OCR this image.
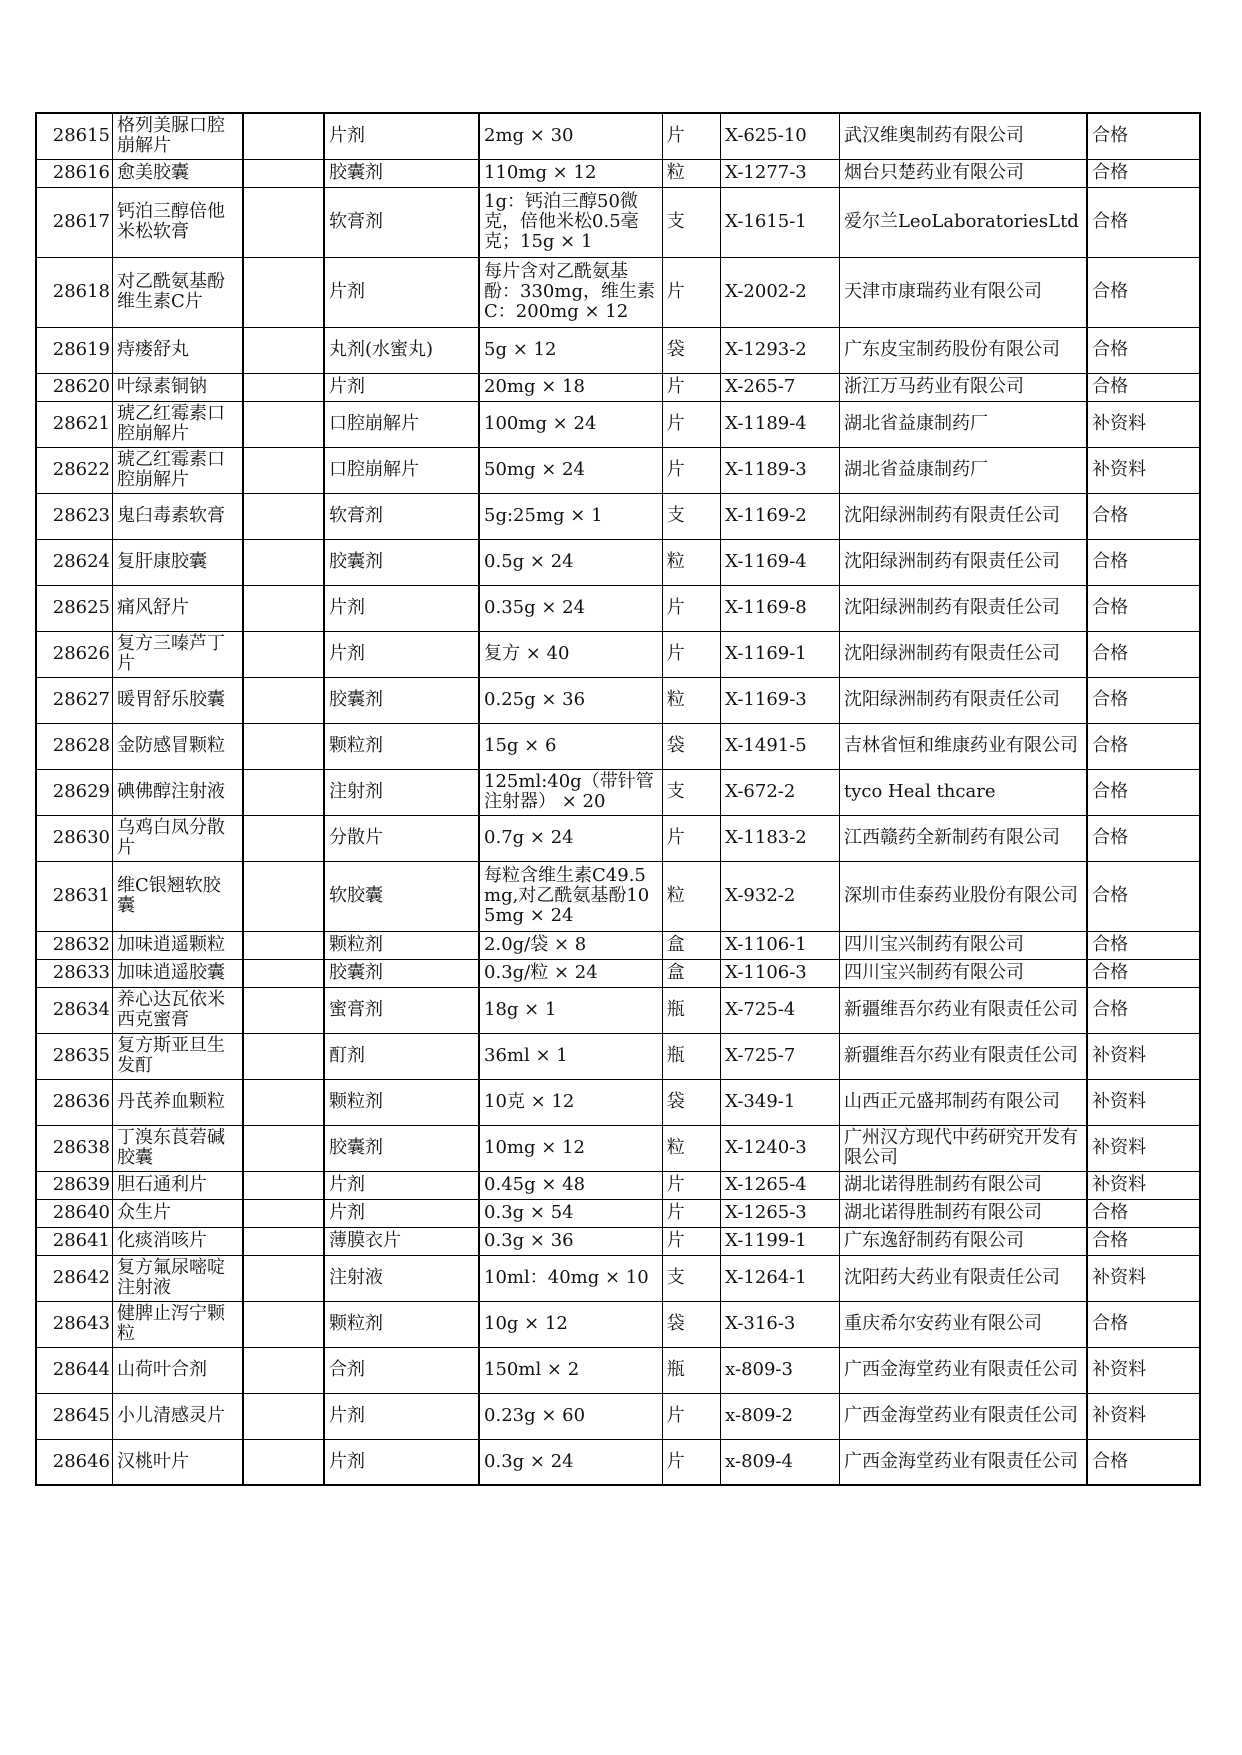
28615	格列美脲口腔崩解片		片剂	2mg × 30	片	X-625-10	武汉维奥制药有限公司	合格
28616	愈美胶囊		胶囊剂	110mg × 12	粒	X-1277-3	烟台只楚药业有限公司	合格
28617	钙泊三醇倍他米松软膏		软膏剂	1g：钙泊三醇50微克，倍他米松0.5毫克；15g × 1	支	X-1615-1	爱尔兰LeoLaboratoriesLtd	合格
28618	对乙酰氨基酚维生素C片		片剂	每片含对乙酰氨基酚：330mg，维生素C：200mg × 12	片	X-2002-2	天津市康瑞药业有限公司	合格
28619	痔瘘舒丸		丸剂(水蜜丸)	5g × 12	袋	X-1293-2	广东皮宝制药股份有限公司	合格
28620	叶绿素铜钠		片剂	20mg × 18	片	X-265-7	浙江万马药业有限公司	合格
28621	琥乙红霉素口腔崩解片		口腔崩解片	100mg × 24	片	X-1189-4	湖北省益康制药厂	补资料
28622	琥乙红霉素口腔崩解片		口腔崩解片	50mg × 24	片	X-1189-3	湖北省益康制药厂	补资料
28623	鬼臼毒素软膏		软膏剂	5g:25mg × 1	支	X-1169-2	沈阳绿洲制药有限责任公司	合格
28624	复肝康胶囊		胶囊剂	0.5g × 24	粒	X-1169-4	沈阳绿洲制药有限责任公司	合格
28625	痛风舒片		片剂	0.35g × 24	片	X-1169-8	沈阳绿洲制药有限责任公司	合格
28626	复方三嗪芦丁片		片剂	复方 × 40	片	X-1169-1	沈阳绿洲制药有限责任公司	合格
28627	暖胃舒乐胶囊		胶囊剂	0.25g × 36	粒	X-1169-3	沈阳绿洲制药有限责任公司	合格
28628	金防感冒颗粒		颗粒剂	15g × 6	袋	X-1491-5	吉林省恒和维康药业有限公司	合格
28629	碘佛醇注射液		注射剂	125ml:40g（带针管注射器） × 20	支	X-672-2	tyco Heal thcare	合格
28630	乌鸡白凤分散片		分散片	0.7g × 24	片	X-1183-2	江西赣药全新制药有限公司	合格
28631	维C银翘软胶囊		软胶囊	每粒含维生素C49.5mg,对乙酰氨基酚105mg × 24	粒	X-932-2	深圳市佳泰药业股份有限公司	合格
28632	加味逍遥颗粒		颗粒剂	2.0g/袋 × 8	盒	X-1106-1	四川宝兴制药有限公司	合格
28633	加味逍遥胶囊		胶囊剂	0.3g/粒 × 24	盒	X-1106-3	四川宝兴制药有限公司	合格
28634	养心达瓦依米西克蜜膏		蜜膏剂	18g × 1	瓶	X-725-4	新疆维吾尔药业有限责任公司	合格
28635	复方斯亚旦生发酊		酊剂	36ml × 1	瓶	X-725-7	新疆维吾尔药业有限责任公司	补资料
28636	丹芪养血颗粒		颗粒剂	10克 × 12	袋	X-349-1	山西正元盛邦制药有限公司	补资料
28638	丁溴东莨菪碱胶囊		胶囊剂	10mg × 12	粒	X-1240-3	广州汉方现代中药研究开发有限公司	补资料
28639	胆石通利片		片剂	0.45g × 48	片	X-1265-4	湖北诺得胜制药有限公司	补资料
28640	众生片		片剂	0.3g × 54	片	X-1265-3	湖北诺得胜制药有限公司	合格
28641	化痰消咳片		薄膜衣片	0.3g × 36	片	X-1199-1	广东逸舒制药有限公司	合格
28642	复方氟尿嘧啶注射液		注射液	10ml：40mg × 10	支	X-1264-1	沈阳药大药业有限责任公司	补资料
28643	健脾止泻宁颗粒		颗粒剂	10g × 12	袋	X-316-3	重庆希尔安药业有限公司	合格
28644	山荷叶合剂		合剂	150ml × 2	瓶	x-809-3	广西金海堂药业有限责任公司	补资料
28645	小儿清感灵片		片剂	0.23g × 60	片	x-809-2	广西金海堂药业有限责任公司	补资料
28646	汉桃叶片		片剂	0.3g × 24	片	x-809-4	广西金海堂药业有限责任公司	合格
